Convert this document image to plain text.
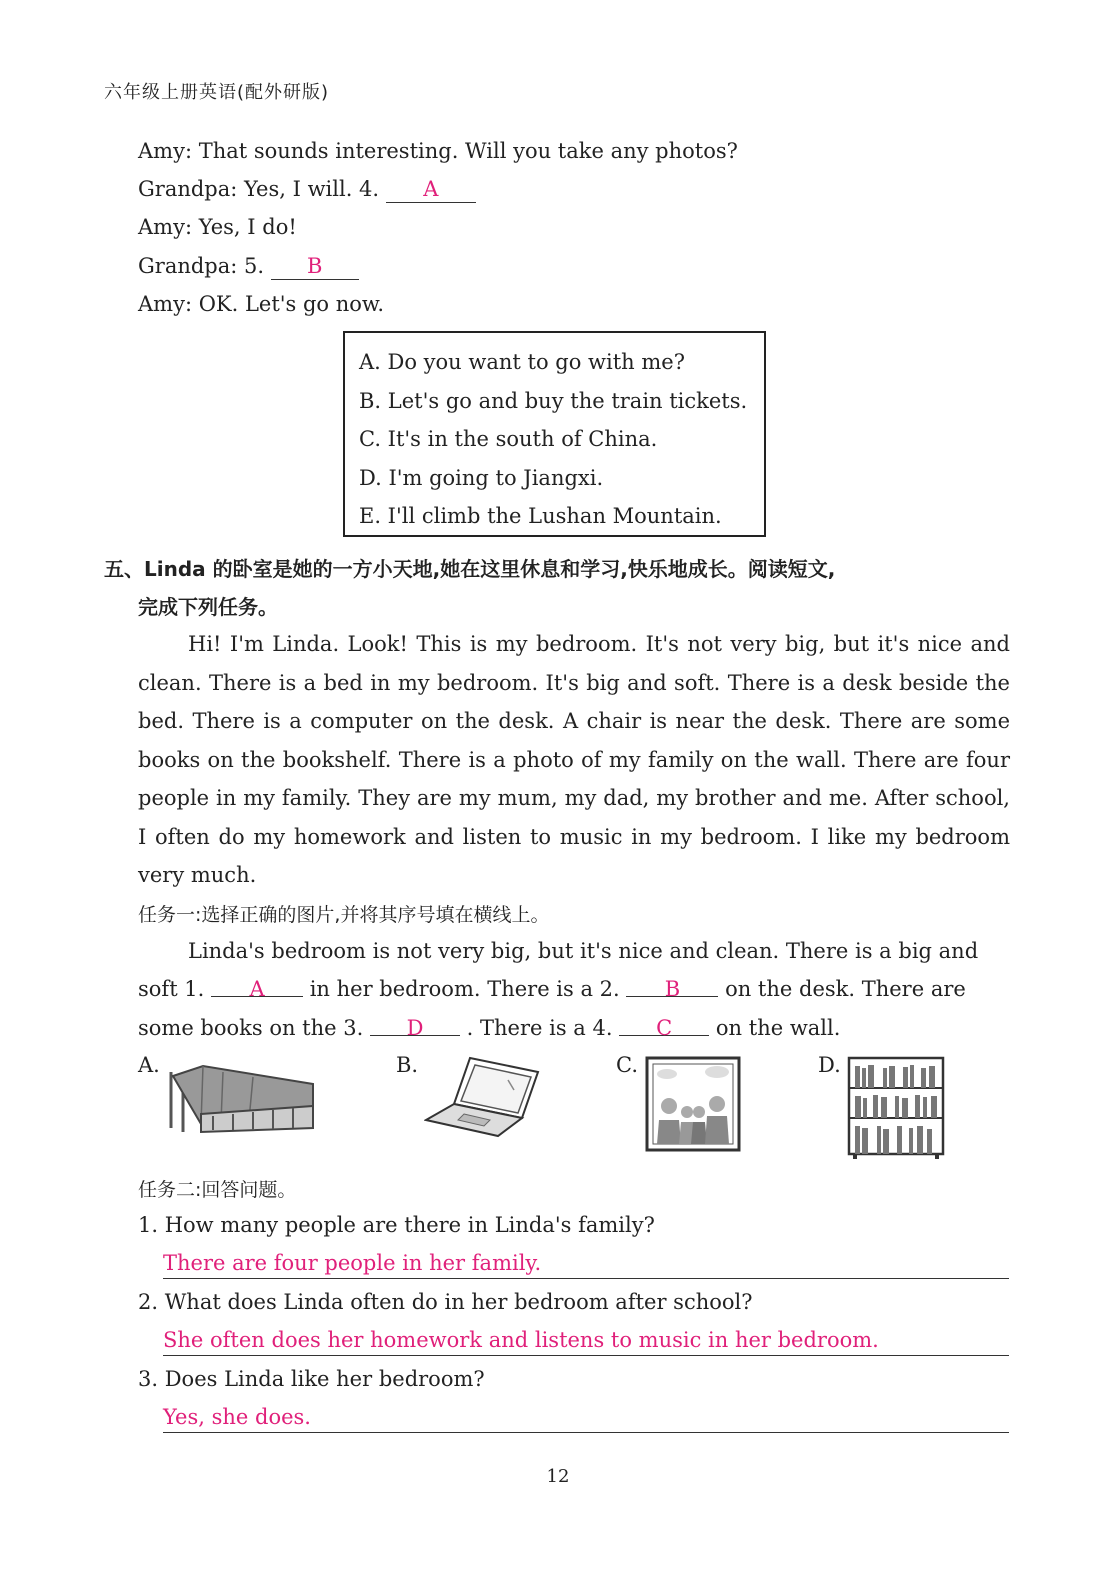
六年级上册英语(配外研版)
Amy: That sounds interesting. Will you take any photos?
Grandpa: Yes, I will. 4. A
Amy: Yes, I do!
Grandpa: 5. B
Amy: OK. Let's go now.
A. Do you want to go with me?
B. Let's go and buy the train tickets.
C. It's in the south of China.
D. I'm going to Jiangxi.
E. I'll climb the Lushan Mountain.
五、Linda 的卧室是她的一方小天地,她在这里休息和学习,快乐地成长。阅读短文,
完成下列任务。
Hi! I'm Linda. Look! This is my bedroom. It's not very big, but it's nice and clean. There is a bed in my bedroom. It's big and soft. There is a desk beside the bed. There is a computer on the desk. A chair is near the desk. There are some books on the bookshelf. There is a photo of my family on the wall. There are four people in my family. They are my mum, my dad, my brother and me. After school, I often do my homework and listen to music in my bedroom. I like my bedroom very much.
任务一:选择正确的图片,并将其序号填在横线上。
Linda's bedroom is not very big, but it's nice and clean. There is a big and
soft 1. A in her bedroom. There is a 2. B on the desk. There are
some books on the 3. D . There is a 4. C on the wall.
A.	B.	C.	D.
任务二:回答问题。
1. How many people are there in Linda's family?
There are four people in her family.
2. What does Linda often do in her bedroom after school?
She often does her homework and listens to music in her bedroom.
3. Does Linda like her bedroom?
Yes, she does.
12
